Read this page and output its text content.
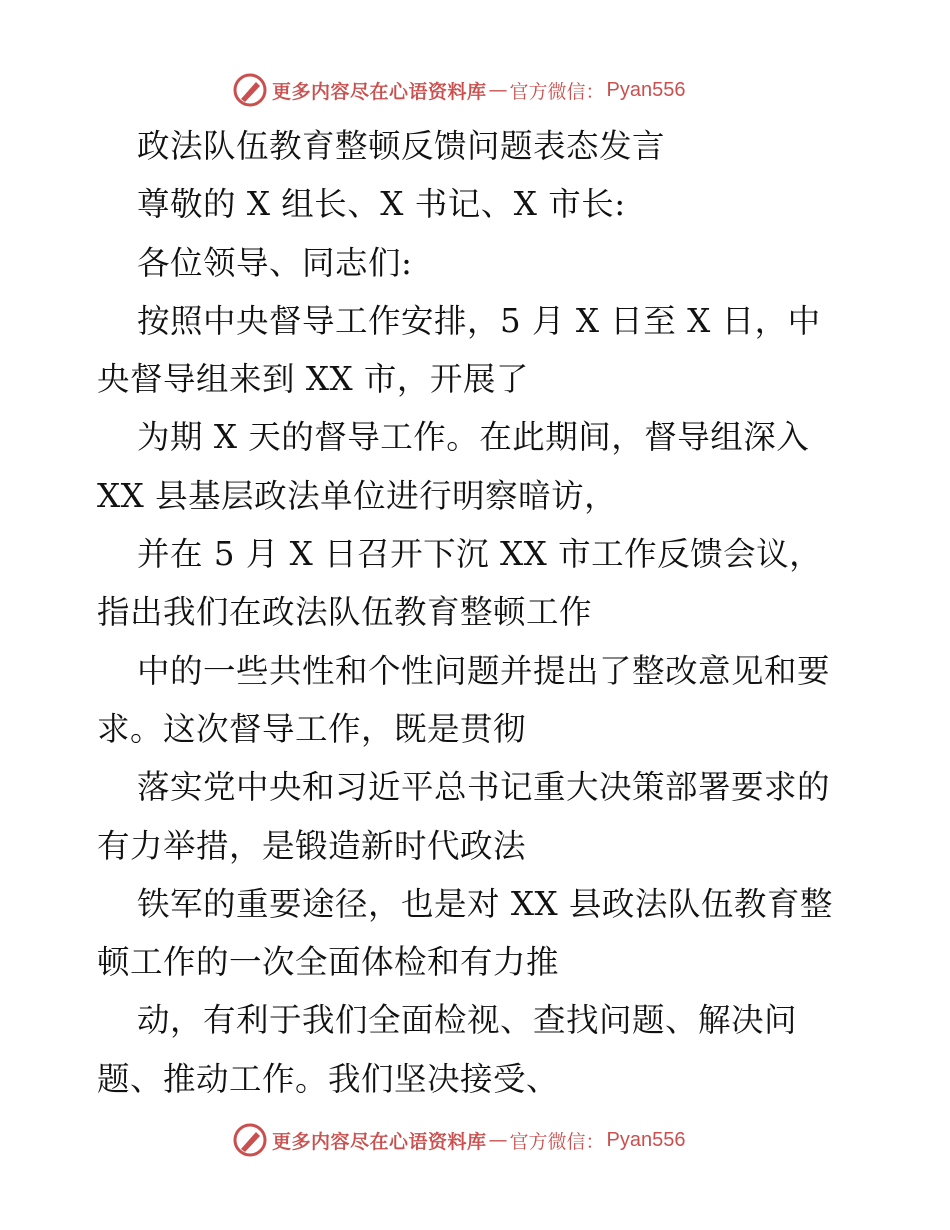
更多内容尽在心语资料库 — 官方微信： Pyan556
政法队伍教育整顿反馈问题表态发言
尊敬的 X 组长、X 书记、X 市长:
各位领导、同志们:
按照中央督导工作安排，5 月 X 日至 X 日，中
央督导组来到 XX 市，开展了
为期 X 天的督导工作。在此期间，督导组深入
XX 县基层政法单位进行明察暗访，
并在 5 月 X 日召开下沉 XX 市工作反馈会议，
指出我们在政法队伍教育整顿工作
中的一些共性和个性问题并提出了整改意见和要
求。这次督导工作，既是贯彻
落实党中央和习近平总书记重大决策部署要求的
有力举措，是锻造新时代政法
铁军的重要途径，也是对 XX 县政法队伍教育整
顿工作的一次全面体检和有力推
动，有利于我们全面检视、查找问题、解决问
题、推动工作。我们坚决接受、
更多内容尽在心语资料库 — 官方微信： Pyan556
